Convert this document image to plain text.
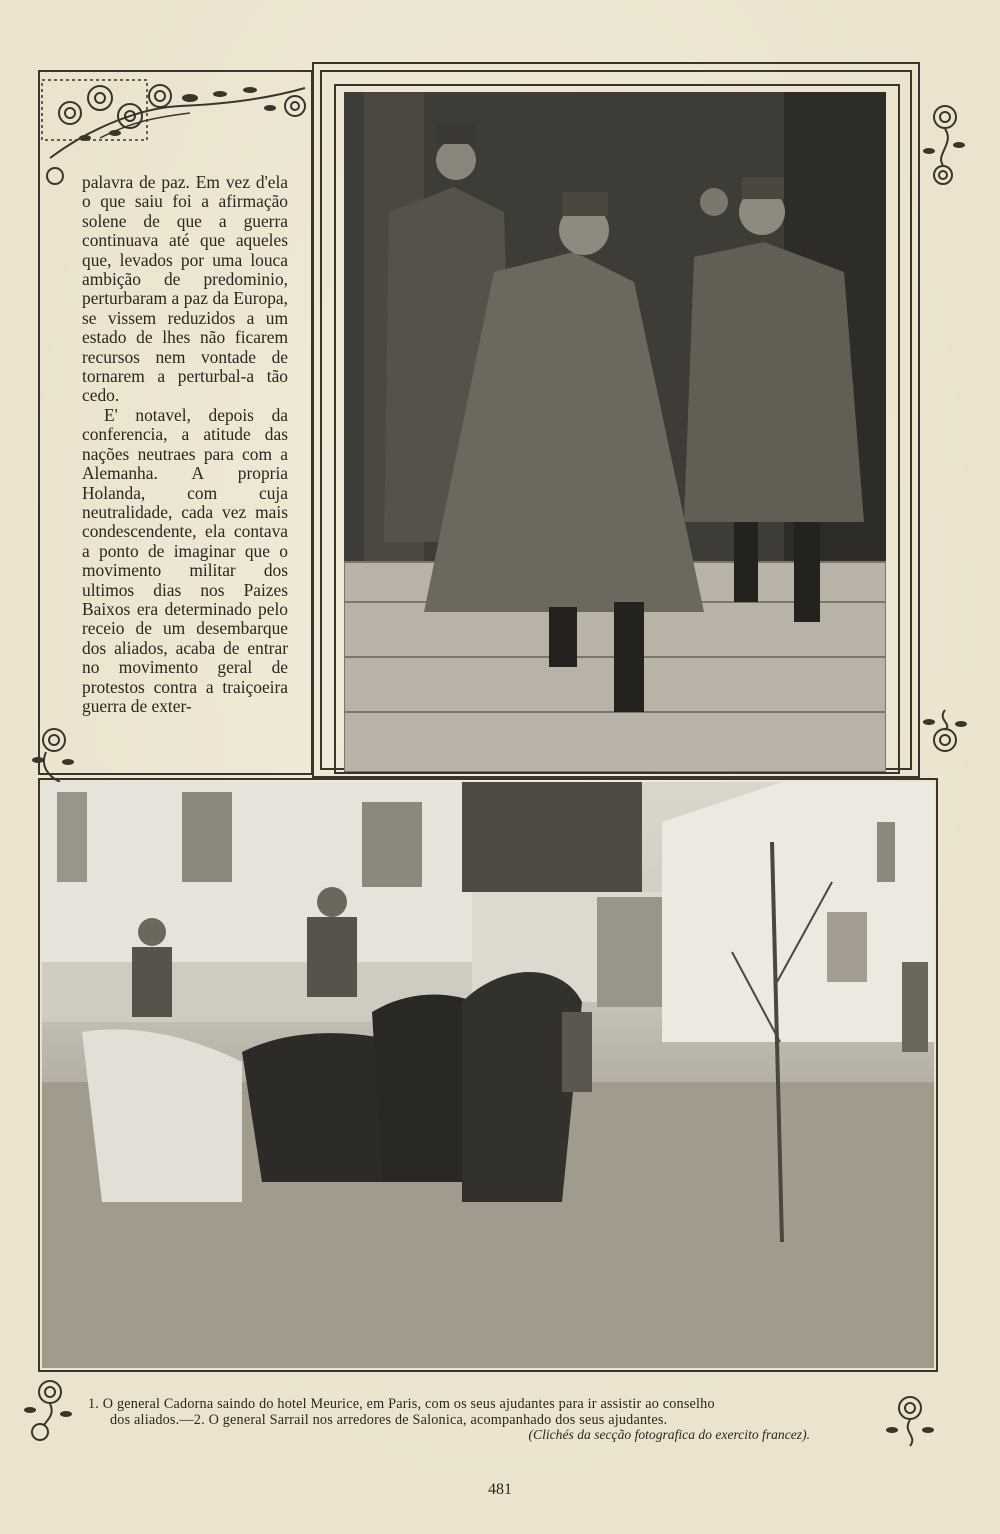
palavra de paz. Em vez d'ela o que saiu foi a afirmação solene de que a guerra continuava até que aqueles que, levados por uma louca ambição de predominio, perturbaram a paz da Europa, se vissem reduzidos a um estado de lhes não ficarem recursos nem vontade de tornarem a perturbal-a tão cedo.

E' notavel, depois da conferencia, a atitude das nações neutraes para com a Alemanha. A propria Holanda, com cuja neutralidade, cada vez mais condescendente, ela contava a ponto de imaginar que o movimento militar dos ultimos dias nos Paizes Baixos era determinado pelo receio de um desembarque dos aliados, acaba de entrar no movimento geral de protestos contra a traiçoeira guerra de exter-

1. O general Cadorna saindo do hotel Meurice, em Paris, com os seus ajudantes para ir assistir ao conselho
dos aliados.—2. O general Sarrail nos arredores de Salonica, acompanhado dos seus ajudantes.
(Clichés da secção fotografica do exercito francez).
481
